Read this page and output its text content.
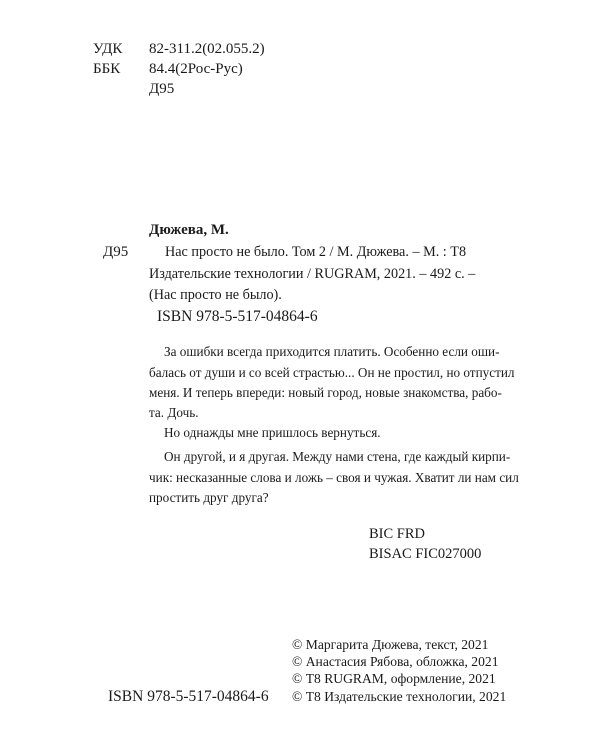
УДК 82-311.2(02.055.2)
ББК 84.4(2Рос-Рус)
Д95
Дюжева, М.
Д95	Нас просто не было. Том 2 / М. Дюжева. – М. : Т8
Издательские технологии / RUGRAM, 2021. – 492 с. –
(Нас просто не было).
ISBN 978-5-517-04864-6
За ошибки всегда приходится платить. Особенно если оши-
балась от души и со всей страстью... Он не простил, но отпустил
меня. И теперь впереди: новый город, новые знакомства, рабо-
та. Дочь.
Но однажды мне пришлось вернуться.
Он другой, и я другая. Между нами стена, где каждый кирпи-
чик: несказанные слова и ложь – своя и чужая. Хватит ли нам сил
простить друг друга?
BIC FRD
BISAC FIC027000
© Маргарита Дюжева, текст, 2021
© Анастасия Рябова, обложка, 2021
© Т8 RUGRAM, оформление, 2021
© Т8 Издательские технологии, 2021
ISBN 978-5-517-04864-6
